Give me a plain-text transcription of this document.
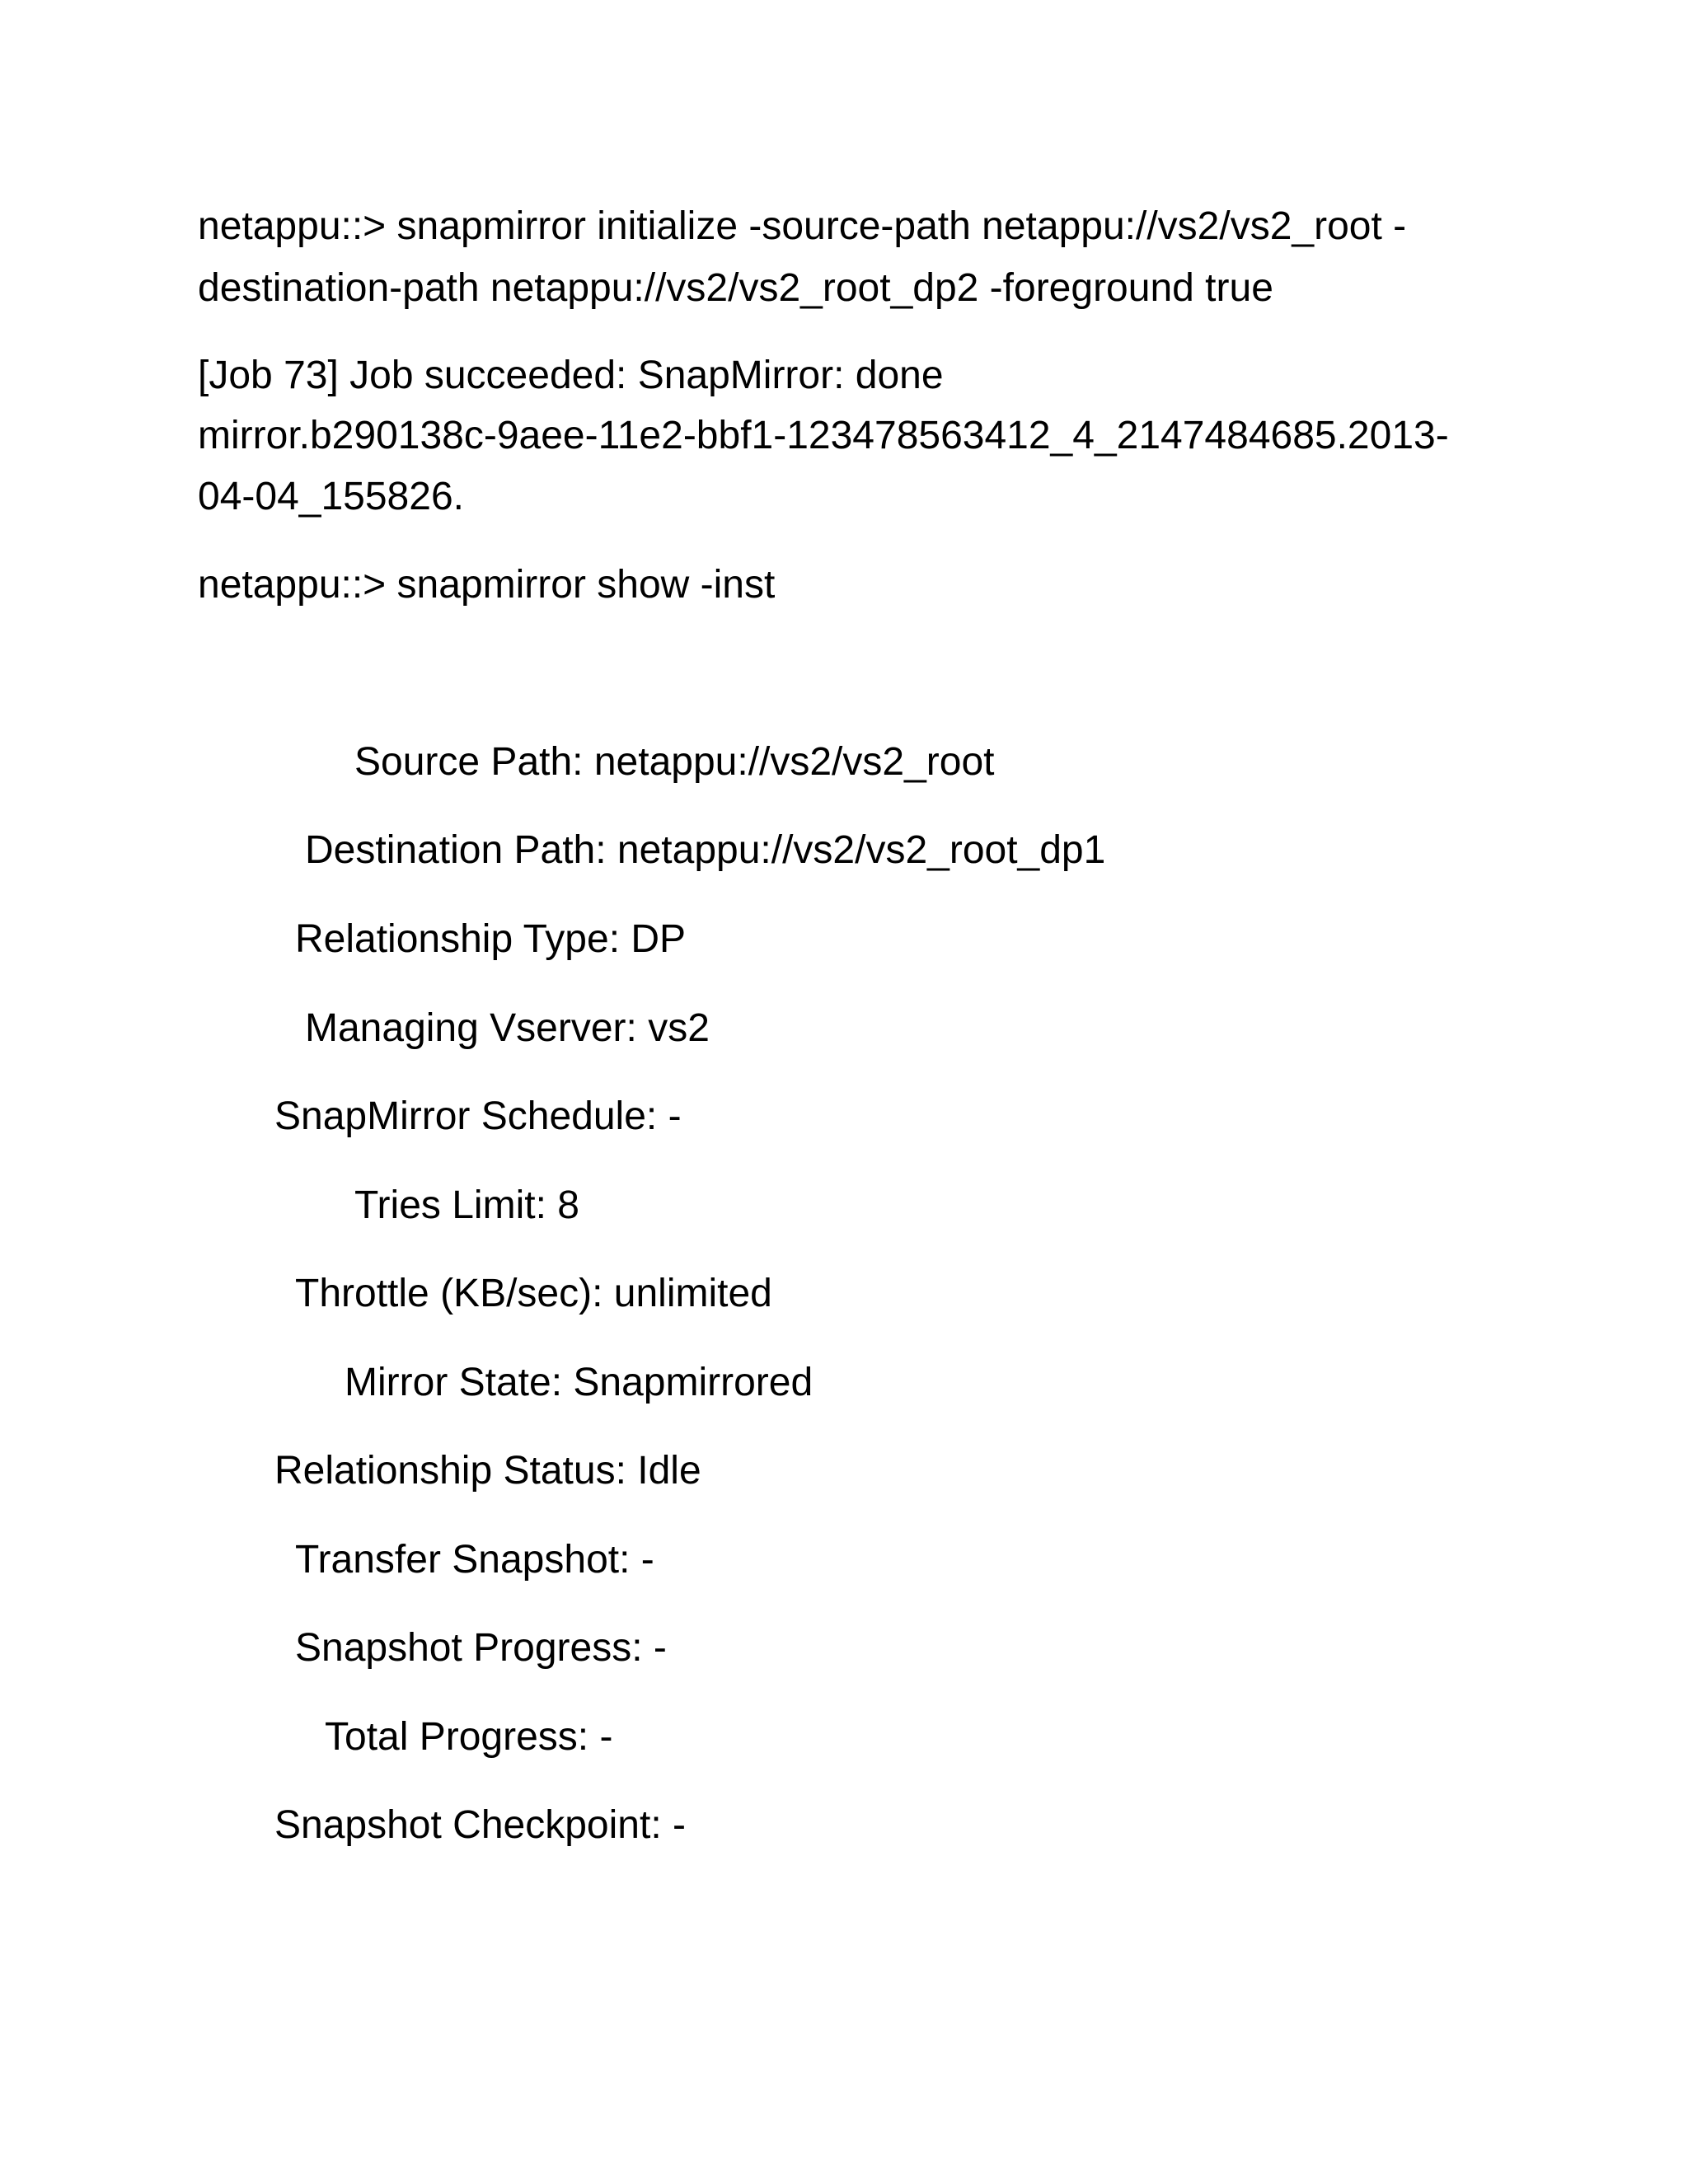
netappu::> snapmirror initialize -source-path netappu://vs2/vs2_root -

destination-path netappu://vs2/vs2_root_dp2 -foreground true

[Job 73] Job succeeded: SnapMirror: done

mirror.b290138c-9aee-11e2-bbf1-123478563412_4_2147484685.2013-

04-04_155826.

netappu::> snapmirror show -inst

Source Path: netappu://vs2/vs2_root

Destination Path: netappu://vs2/vs2_root_dp1

Relationship Type: DP

Managing Vserver: vs2

SnapMirror Schedule: -

Tries Limit: 8

Throttle (KB/sec): unlimited

Mirror State: Snapmirrored

Relationship Status: Idle

Transfer Snapshot: -

Snapshot Progress: -

Total Progress: -

Snapshot Checkpoint: -
